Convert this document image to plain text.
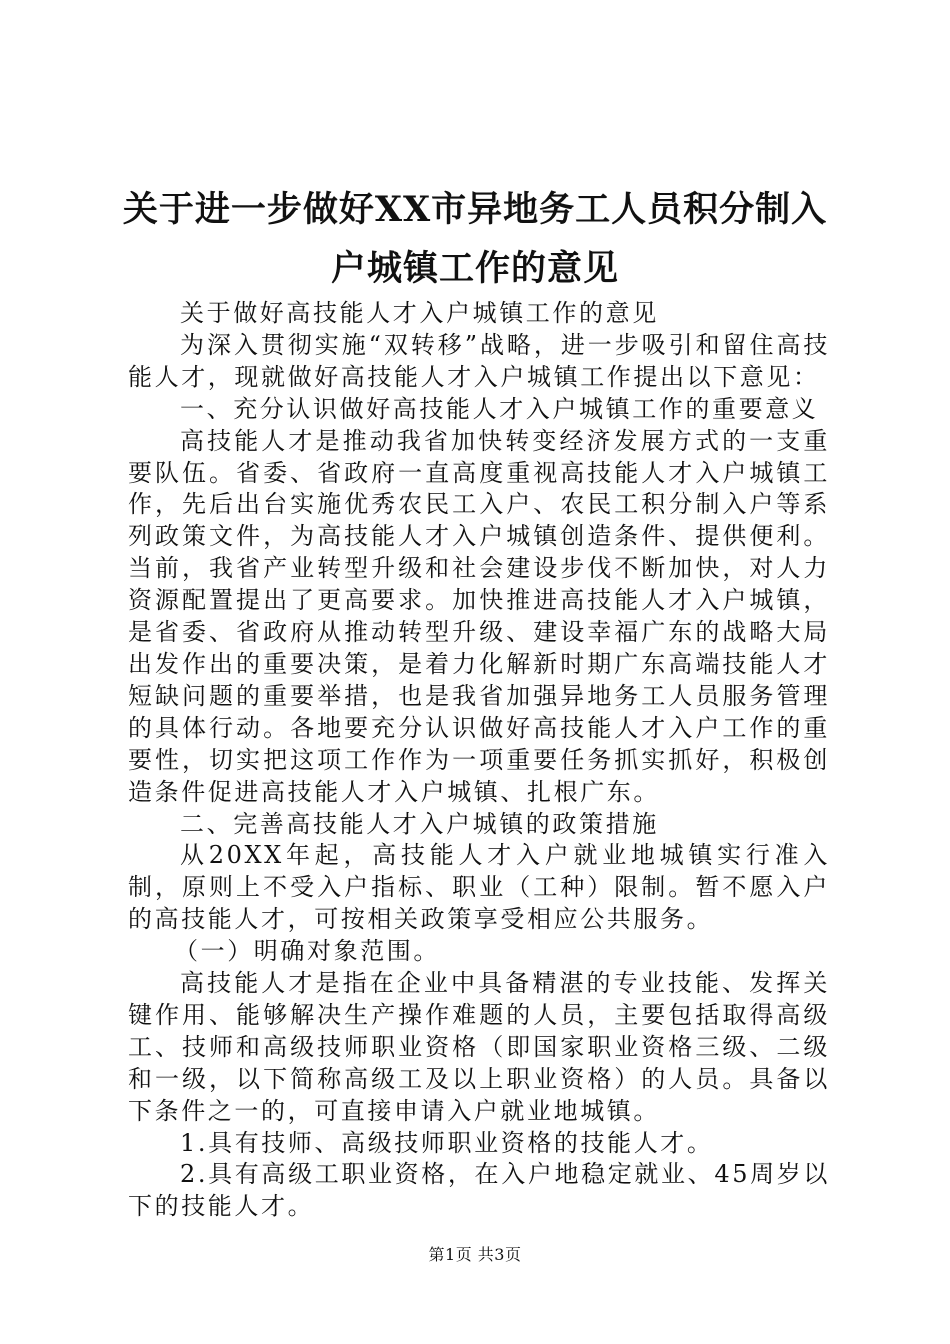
关于进一步做好XX市异地务工人员积分制入
户城镇工作的意见

关于做好高技能人才入户城镇工作的意见

为深入贯彻实施“双转移”战略，进一步吸引和留住高技能人才，现就做好高技能人才入户城镇工作提出以下意见：

一、充分认识做好高技能人才入户城镇工作的重要意义

高技能人才是推动我省加快转变经济发展方式的一支重要队伍。省委、省政府一直高度重视高技能人才入户城镇工作，先后出台实施优秀农民工入户、农民工积分制入户等系列政策文件，为高技能人才入户城镇创造条件、提供便利。当前，我省产业转型升级和社会建设步伐不断加快，对人力资源配置提出了更高要求。加快推进高技能人才入户城镇，是省委、省政府从推动转型升级、建设幸福广东的战略大局出发作出的重要决策，是着力化解新时期广东高端技能人才短缺问题的重要举措，也是我省加强异地务工人员服务管理的具体行动。各地要充分认识做好高技能人才入户工作的重要性，切实把这项工作作为一项重要任务抓实抓好，积极创造条件促进高技能人才入户城镇、扎根广东。

二、完善高技能人才入户城镇的政策措施

从20XX年起，高技能人才入户就业地城镇实行准入制，原则上不受入户指标、职业（工种）限制。暂不愿入户的高技能人才，可按相关政策享受相应公共服务。

（一）明确对象范围。

高技能人才是指在企业中具备精湛的专业技能、发挥关键作用、能够解决生产操作难题的人员，主要包括取得高级工、技师和高级技师职业资格（即国家职业资格三级、二级和一级，以下简称高级工及以上职业资格）的人员。具备以下条件之一的，可直接申请入户就业地城镇。

1.具有技师、高级技师职业资格的技能人才。

2.具有高级工职业资格，在入户地稳定就业、45周岁以下的技能人才。

第1页 共3页
